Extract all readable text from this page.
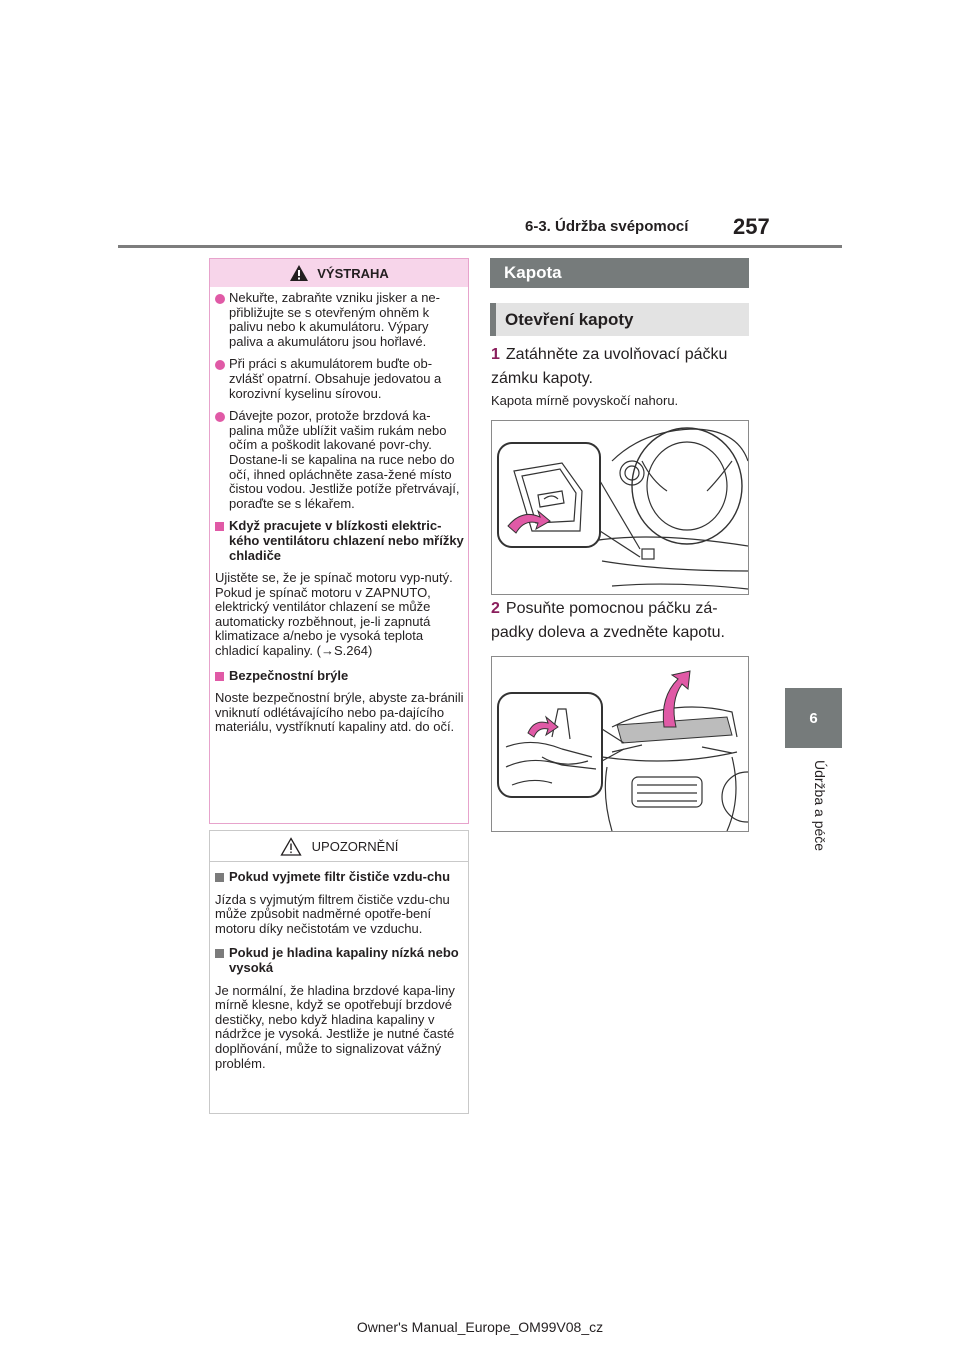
6-3. Údržba svépomocí 257
6
Údržba a péče
VÝSTRAHA
Nekuřte, zabraňte vzniku jisker a ne-přibližujte se s otevřeným ohněm k palivu nebo k akumulátoru. Výpary paliva a akumulátoru jsou hořlavé.
Při práci s akumulátorem buďte ob-zvlášť opatrní. Obsahuje jedovatou a korozivní kyselinu sírovou.
Dávejte pozor, protože brzdová ka-palina může ublížit vašim rukám nebo očím a poškodit lakované povr-chy. Dostane-li se kapalina na ruce nebo do očí, ihned opláchněte zasa-žené místo čistou vodou. Jestliže potíže přetrvávají, poraďte se s lékařem.
Když pracujete v blízkosti elektric-kého ventilátoru chlazení nebo mřížky chladiče
Ujistěte se, že je spínač motoru vyp-nutý. Pokud je spínač motoru v ZAPNUTO, elektrický ventilátor chlazení se může automaticky rozběhnout, je-li zapnutá klimatizace a/nebo je vysoká teplota chladicí kapaliny. (→S.264)
Bezpečnostní brýle
Noste bezpečnostní brýle, abyste za-bránili vniknutí odlétávajícího nebo pa-dajícího materiálu, vystříknutí kapaliny atd. do očí.
UPOZORNĚNÍ
Pokud vyjmete filtr čističe vzdu-chu
Jízda s vyjmutým filtrem čističe vzdu-chu může způsobit nadměrné opotře-bení motoru díky nečistotám ve vzduchu.
Pokud je hladina kapaliny nízká nebo vysoká
Je normální, že hladina brzdové kapa-liny mírně klesne, když se opotřebují brzdové destičky, nebo když hladina kapaliny v nádržce je vysoká. Jestliže je nutné časté doplňování, může to signalizovat vážný problém.
Kapota
Otevření kapoty
1 Zatáhněte za uvolňovací páčku zámku kapoty.
Kapota mírně povyskočí nahoru.
2 Posuňte pomocnou páčku zá-padky doleva a zvedněte kapotu.
Owner's Manual_Europe_OM99V08_cz
